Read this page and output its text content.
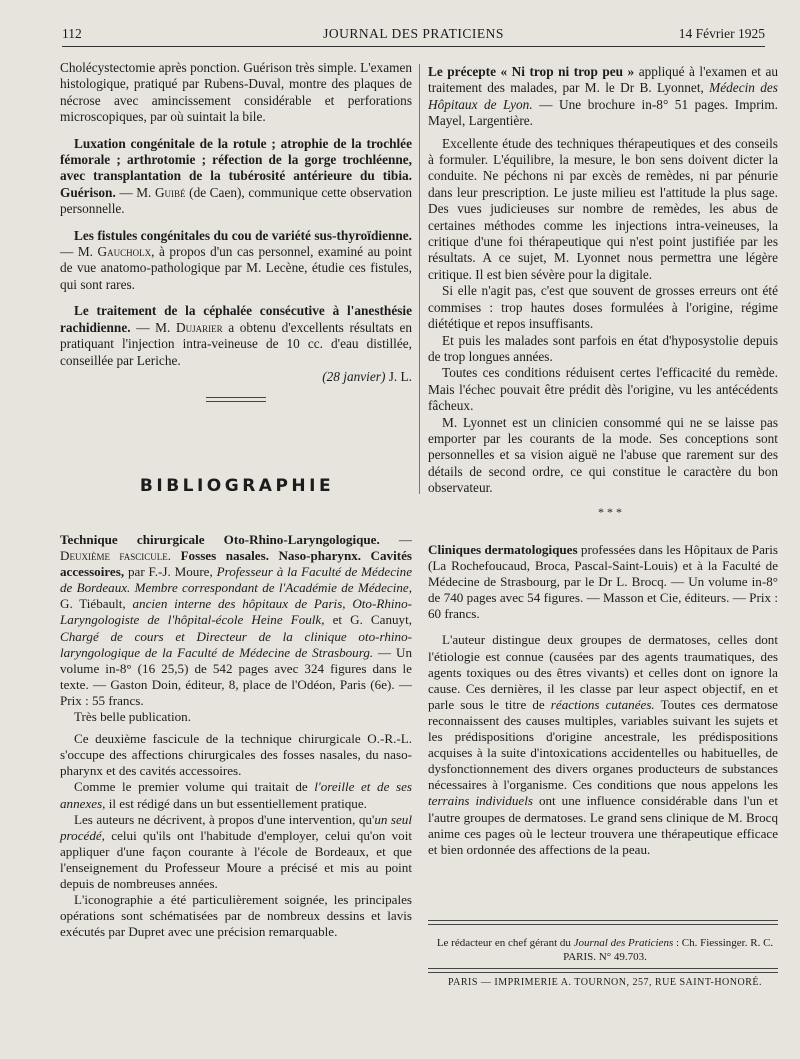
112	JOURNAL DES PRATICIENS	14 Février 1925

Cholécystectomie après ponction. Guérison très simple. L'examen histologique, pratiqué par Rubens-Duval, montre des plaques de nécrose avec amincissement considérable et perforations microscopiques, par où suintait la bile.

Luxation congénitale de la rotule ; atrophie de la trochlée fémorale ; arthrotomie ; réfection de la gorge trochléenne, avec transplantation de la tubérosité antérieure du tibia. Guérison. — M. Guibé (de Caen), communique cette observation personnelle.

Les fistules congénitales du cou de variété sus-thyroïdienne. — M. Gaucholx, à propos d'un cas personnel, examiné au point de vue anatomo-pathologique par M. Lecène, étudie ces fistules, qui sont rares.

Le traitement de la céphalée consécutive à l'anesthésie rachidienne. — M. Dujarier a obtenu d'excellents résultats en pratiquant l'injection intra-veineuse de 10 cc. d'eau distillée, conseillée par Leriche.

(28 janvier) J. L.

BIBLIOGRAPHIE

Le précepte « Ni trop ni trop peu » appliqué à l'examen et au traitement des malades, par M. le Dr B. Lyonnet, Médecin des Hôpitaux de Lyon. — Une brochure in-8° 51 pages. Imprim. Mayel, Largentière.

Excellente étude des techniques thérapeutiques et des conseils à formuler. L'équilibre, la mesure, le bon sens doivent dicter la conduite. Ne péchons ni par excès de remèdes, ni par pénurie dans leur prescription. Le juste milieu est l'attitude la plus sage. Des vues judicieuses sur nombre de remèdes, les abus de certaines méthodes comme les injections intra-veineuses, la critique d'une foi thérapeutique qui n'est point justifiée par les résultats. A ce sujet, M. Lyonnet nous permettra une légère critique. Il est bien sévère pour la digitale.

Si elle n'agit pas, c'est que souvent de grosses erreurs ont été commises : trop hautes doses formulées à l'origine, régime diététique et repos insuffisants.

Et puis les malades sont parfois en état d'hyposystolie depuis de trop longues années.

Toutes ces conditions réduisent certes l'efficacité du remède. Mais l'échec pouvait être prédit dès l'origine, vu les antécédents fâcheux.

M. Lyonnet est un clinicien consommé qui ne se laisse pas emporter par les courants de la mode. Ses conceptions sont personnelles et sa vision aiguë ne l'abuse que rarement sur des détails de second ordre, ce qui constitue le caractère du bon observateur.

Technique chirurgicale Oto-Rhino-Laryngologique. — Deuxième fascicule. Fosses nasales. Naso-pharynx. Cavités accessoires, par F.-J. Moure, Professeur à la Faculté de Médecine de Bordeaux. Membre correspondant de l'Académie de Médecine, G. Tiébault, ancien interne des hôpitaux de Paris, Oto-Rhino-Laryngologiste de l'hôpital-école Heine Foulk, et G. Canuyt, Chargé de cours et Directeur de la clinique oto-rhino-laryngologique de la Faculté de Médecine de Strasbourg. — Un volume in-8° (16 25,5) de 542 pages avec 324 figures dans le texte. — Gaston Doin, éditeur, 8, place de l'Odéon, Paris (6e). — Prix : 55 francs.

Très belle publication.

Ce deuxième fascicule de la technique chirurgicale O.-R.-L. s'occupe des affections chirurgicales des fosses nasales, du naso-pharynx et des cavités accessoires.

Comme le premier volume qui traitait de l'oreille et de ses annexes, il est rédigé dans un but essentiellement pratique.

Les auteurs ne décrivent, à propos d'une intervention, qu'un seul procédé, celui qu'ils ont l'habitude d'employer, celui qu'on voit appliquer d'une façon courante à l'école de Bordeaux, et que l'enseignement du Professeur Moure a précisé et mis au point depuis de nombreuses années.

L'iconographie a été particulièrement soignée, les principales opérations sont schématisées par de nombreux dessins et lavis exécutés par Dupret avec une précision remarquable.

* * *

Cliniques dermatologiques professées dans les Hôpitaux de Paris (La Rochefoucaud, Broca, Pascal-Saint-Louis) et à la Faculté de Médecine de Strasbourg, par le Dr L. Brocq. — Un volume in-8° de 740 pages avec 54 figures. — Masson et Cie, éditeurs. — Prix : 60 francs.

L'auteur distingue deux groupes de dermatoses, celles dont l'étiologie est connue (causées par des agents traumatiques, des agents toxiques ou des êtres vivants) et celles dont on ignore la cause. Ces dernières, il les classe par leur aspect objectif, en et parle sous le titre de réactions cutanées. Toutes ces dermatose reconnaissent des causes multiples, variables suivant les sujets et les prédispositions d'origine ancestrale, les prédispositions acquises à la suite d'intoxications accidentelles ou habituelles, de dysfonctionnement des divers organes producteurs de substances nécessaires à l'organisme. Ces conditions que nous appelons les terrains individuels ont une influence considérable dans l'un et l'autre groupes de dermatoses. Le grand sens clinique de M. Brocq anime ces pages où le lecteur trouvera une thérapeutique efficace et bien ordonnée des affections de la peau.

Le rédacteur en chef gérant du Journal des Praticiens : Ch. Fiessinger. R. C. PARIS. N° 49.703.
PARIS — IMPRIMERIE A. TOURNON, 257, RUE SAINT-HONORÉ.
